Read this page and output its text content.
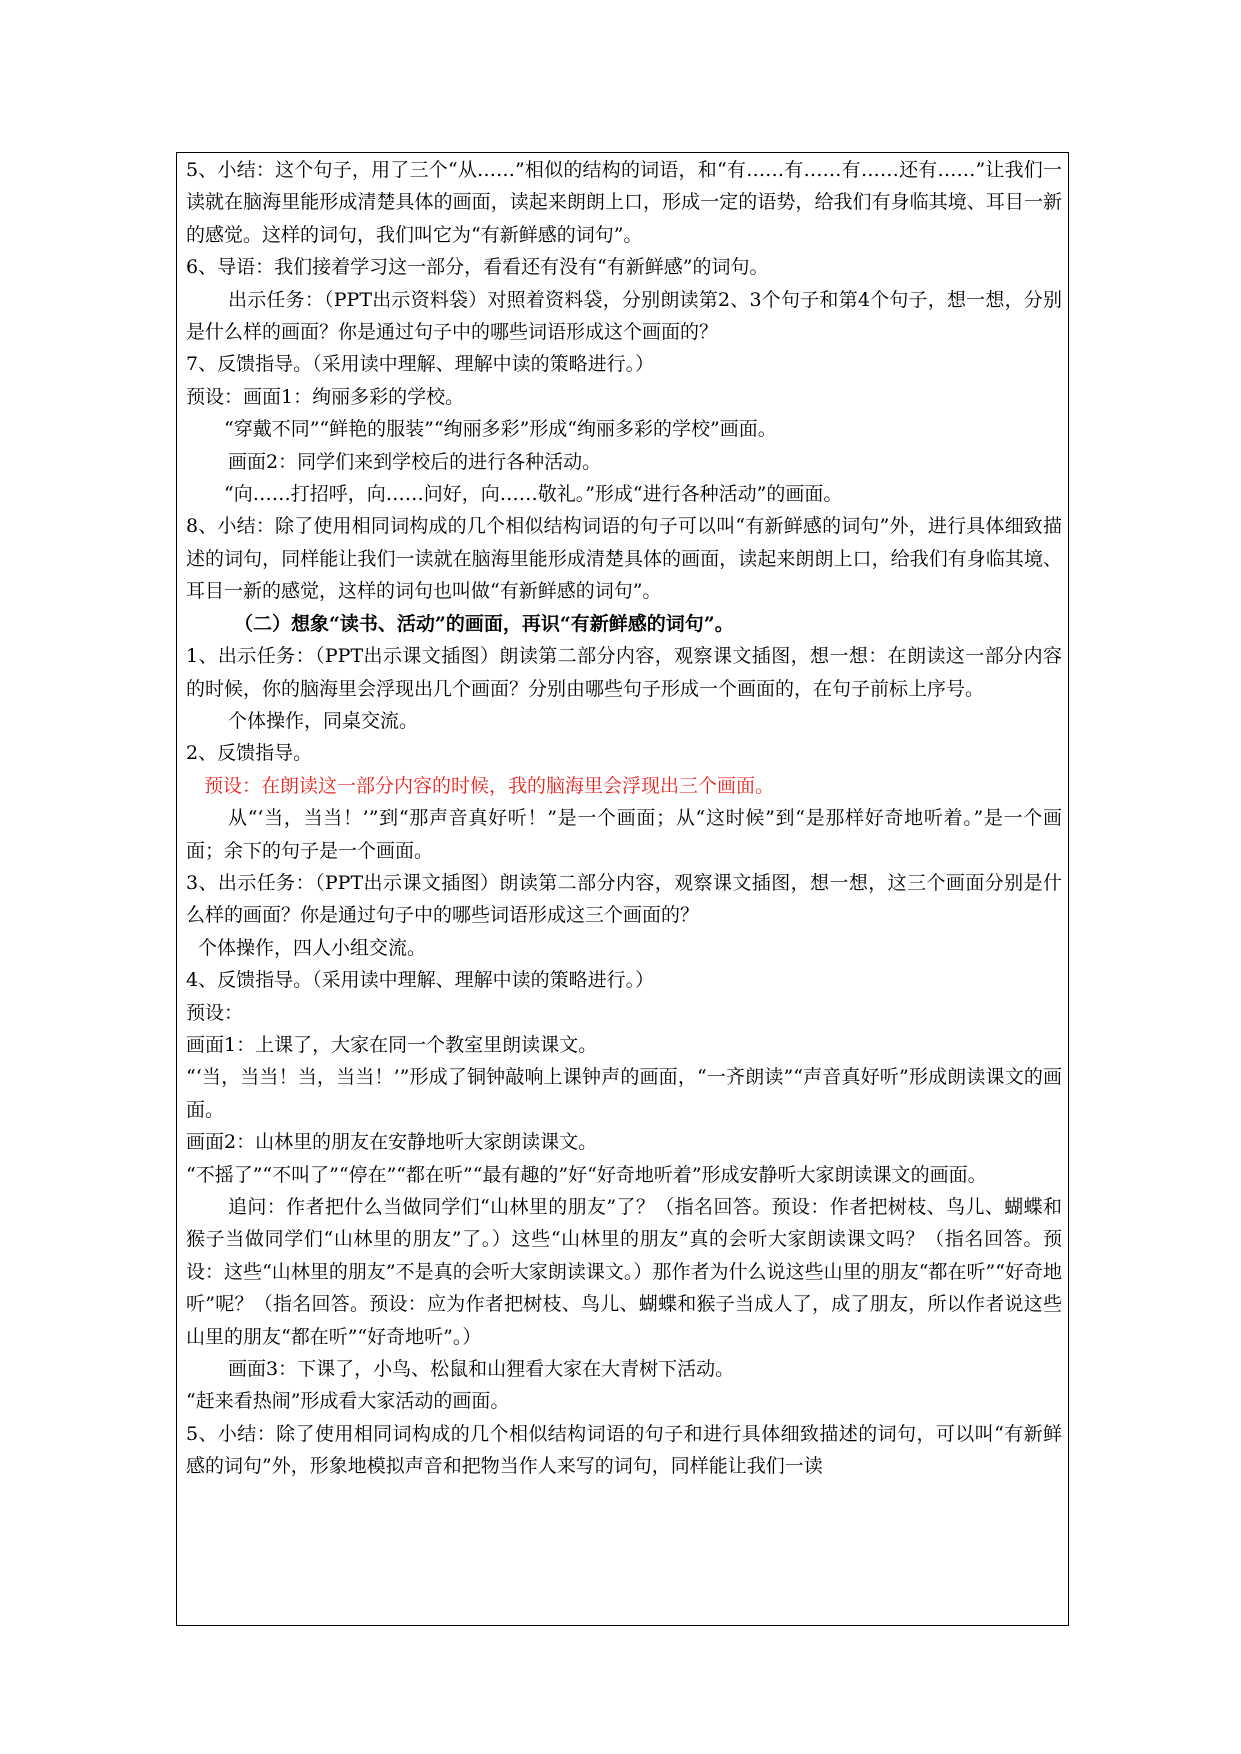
5、小结：这个句子，用了三个“从……”相似的结构的词语，和“有……有……有……还有……”让我们一读就在脑海里能形成清楚具体的画面，读起来朗朗上口，形成一定的语势，给我们有身临其境、耳目一新的感觉。这样的词句，我们叫它为“有新鲜感的词句”。

6、导语：我们接着学习这一部分，看看还有没有“有新鲜感”的词句。

出示任务：（PPT出示资料袋）对照着资料袋，分别朗读第2、3个句子和第4个句子，想一想，分别是什么样的画面？你是通过句子中的哪些词语形成这个画面的？

7、反馈指导。（采用读中理解、理解中读的策略进行。）

预设：画面1：绚丽多彩的学校。

“穿戴不同”“鲜艳的服装”“绚丽多彩”形成“绚丽多彩的学校”画面。

画面2：同学们来到学校后的进行各种活动。

“向……打招呼，向……问好，向……敬礼。”形成“进行各种活动”的画面。

8、小结：除了使用相同词构成的几个相似结构词语的句子可以叫“有新鲜感的词句”外，进行具体细致描述的词句，同样能让我们一读就在脑海里能形成清楚具体的画面，读起来朗朗上口，给我们有身临其境、耳目一新的感觉，这样的词句也叫做“有新鲜感的词句”。

（二）想象“读书、活动”的画面，再识“有新鲜感的词句”。

1、出示任务：（PPT出示课文插图）朗读第二部分内容，观察课文插图，想一想：在朗读这一部分内容的时候，你的脑海里会浮现出几个画面？分别由哪些句子形成一个画面的，在句子前标上序号。

个体操作，同桌交流。

2、反馈指导。

预设：在朗读这一部分内容的时候，我的脑海里会浮现出三个画面。

从“‘当，当当！’”到“那声音真好听！”是一个画面；从“这时候”到“是那样好奇地听着。”是一个画面；余下的句子是一个画面。

3、出示任务：（PPT出示课文插图）朗读第二部分内容，观察课文插图，想一想，这三个画面分别是什么样的画面？你是通过句子中的哪些词语形成这三个画面的？

个体操作，四人小组交流。

4、反馈指导。（采用读中理解、理解中读的策略进行。）

预设：

画面1：上课了，大家在同一个教室里朗读课文。

“‘当，当当！当，当当！’”形成了铜钟敲响上课钟声的画面，“一齐朗读”“声音真好听”形成朗读课文的画面。

画面2：山林里的朋友在安静地听大家朗读课文。

“不摇了”“不叫了”“停在”“都在听”“最有趣的”好“好奇地听着”形成安静听大家朗读课文的画面。

追问：作者把什么当做同学们“山林里的朋友”了？（指名回答。预设：作者把树枝、鸟儿、蝴蝶和猴子当做同学们“山林里的朋友”了。）这些“山林里的朋友”真的会听大家朗读课文吗？（指名回答。预设：这些“山林里的朋友”不是真的会听大家朗读课文。）那作者为什么说这些山里的朋友“都在听”“好奇地听”呢？（指名回答。预设：应为作者把树枝、鸟儿、蝴蝶和猴子当成人了，成了朋友，所以作者说这些山里的朋友“都在听”“好奇地听”。）

画面3：下课了，小鸟、松鼠和山狸看大家在大青树下活动。

“赶来看热闹”形成看大家活动的画面。

5、小结：除了使用相同词构成的几个相似结构词语的句子和进行具体细致描述的词句，可以叫“有新鲜感的词句”外，形象地模拟声音和把物当作人来写的词句，同样能让我们一读
